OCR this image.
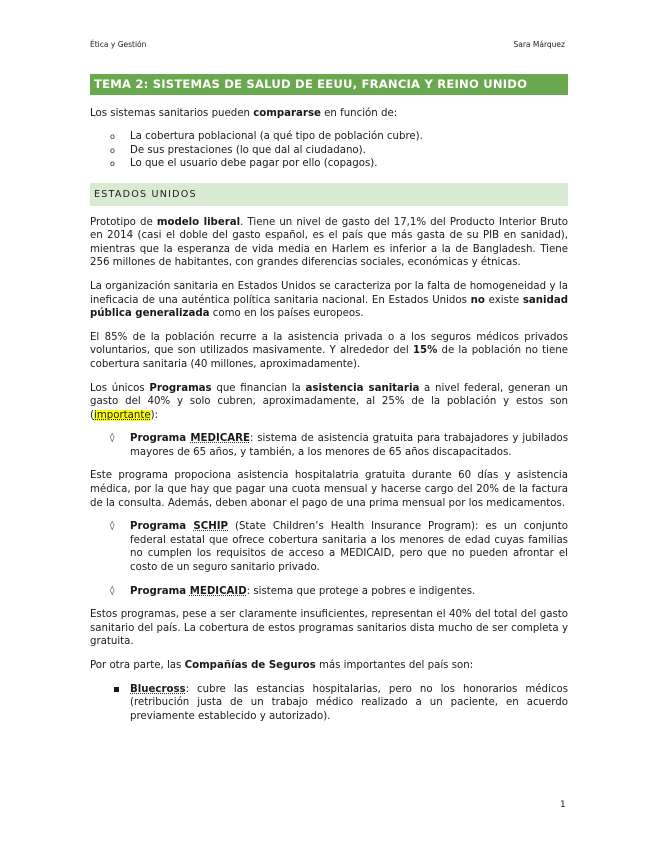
Ética y Gestión	Sara Márquez
TEMA 2: SISTEMAS DE SALUD DE EEUU, FRANCIA Y REINO UNIDO

Los sistemas sanitarios pueden compararse en función de:

o La cobertura poblacional (a qué tipo de población cubre).
o De sus prestaciones (lo que dal al ciudadano).
o Lo que el usuario debe pagar por ello (copagos).
ESTADOS UNIDOS

Prototipo de modelo liberal. Tiene un nivel de gasto del 17,1% del Producto Interior Bruto en 2014 (casi el doble del gasto español, es el país que más gasta de su PIB en sanidad), mientras que la esperanza de vida media en Harlem es inferior a la de Bangladesh. Tiene 256 millones de habitantes, con grandes diferencias sociales, económicas y étnicas.

La organización sanitaria en Estados Unidos se caracteriza por la falta de homogeneidad y la ineficacia de una auténtica política sanitaria nacional. En Estados Unidos no existe sanidad pública generalizada como en los países europeos.

El 85% de la población recurre a la asistencia privada o a los seguros médicos privados voluntarios, que son utilizados masivamente. Y alrededor del 15% de la población no tiene cobertura sanitaria (40 millones, aproximadamente).

Los únicos Programas que financian la asistencia sanitaria a nivel federal, generan un gasto del 40% y solo cubren, aproximadamente, al 25% de la población y estos son (importante):

◊ Programa MEDICARE: sistema de asistencia gratuita para trabajadores y jubilados mayores de 65 años, y también, a los menores de 65 años discapacitados.

Este programa propociona asistencia hospitalatria gratuita durante 60 días y asistencia médica, por la que hay que pagar una cuota mensual y hacerse cargo del 20% de la factura de la consulta. Además, deben abonar el pago de una prima mensual por los medicamentos.

◊ Programa SCHIP (State Children’s Health Insurance Program): es un conjunto federal estatal que ofrece cobertura sanitaria a los menores de edad cuyas familias no cumplen los requisitos de acceso a MEDICAID, pero que no pueden afrontar el costo de un seguro sanitario privado.
◊ Programa MEDICAID: sistema que protege a pobres e indigentes.

Estos programas, pese a ser claramente insuficientes, representan el 40% del total del gasto sanitario del país. La cobertura de estos programas sanitarios dista mucho de ser completa y gratuita.

Por otra parte, las Compañías de Seguros más importantes del país son:

Bluecross: cubre las estancias hospitalarias, pero no los honorarios médicos (retribución justa de un trabajo médico realizado a un paciente, en acuerdo previamente establecido y autorizado).
1
